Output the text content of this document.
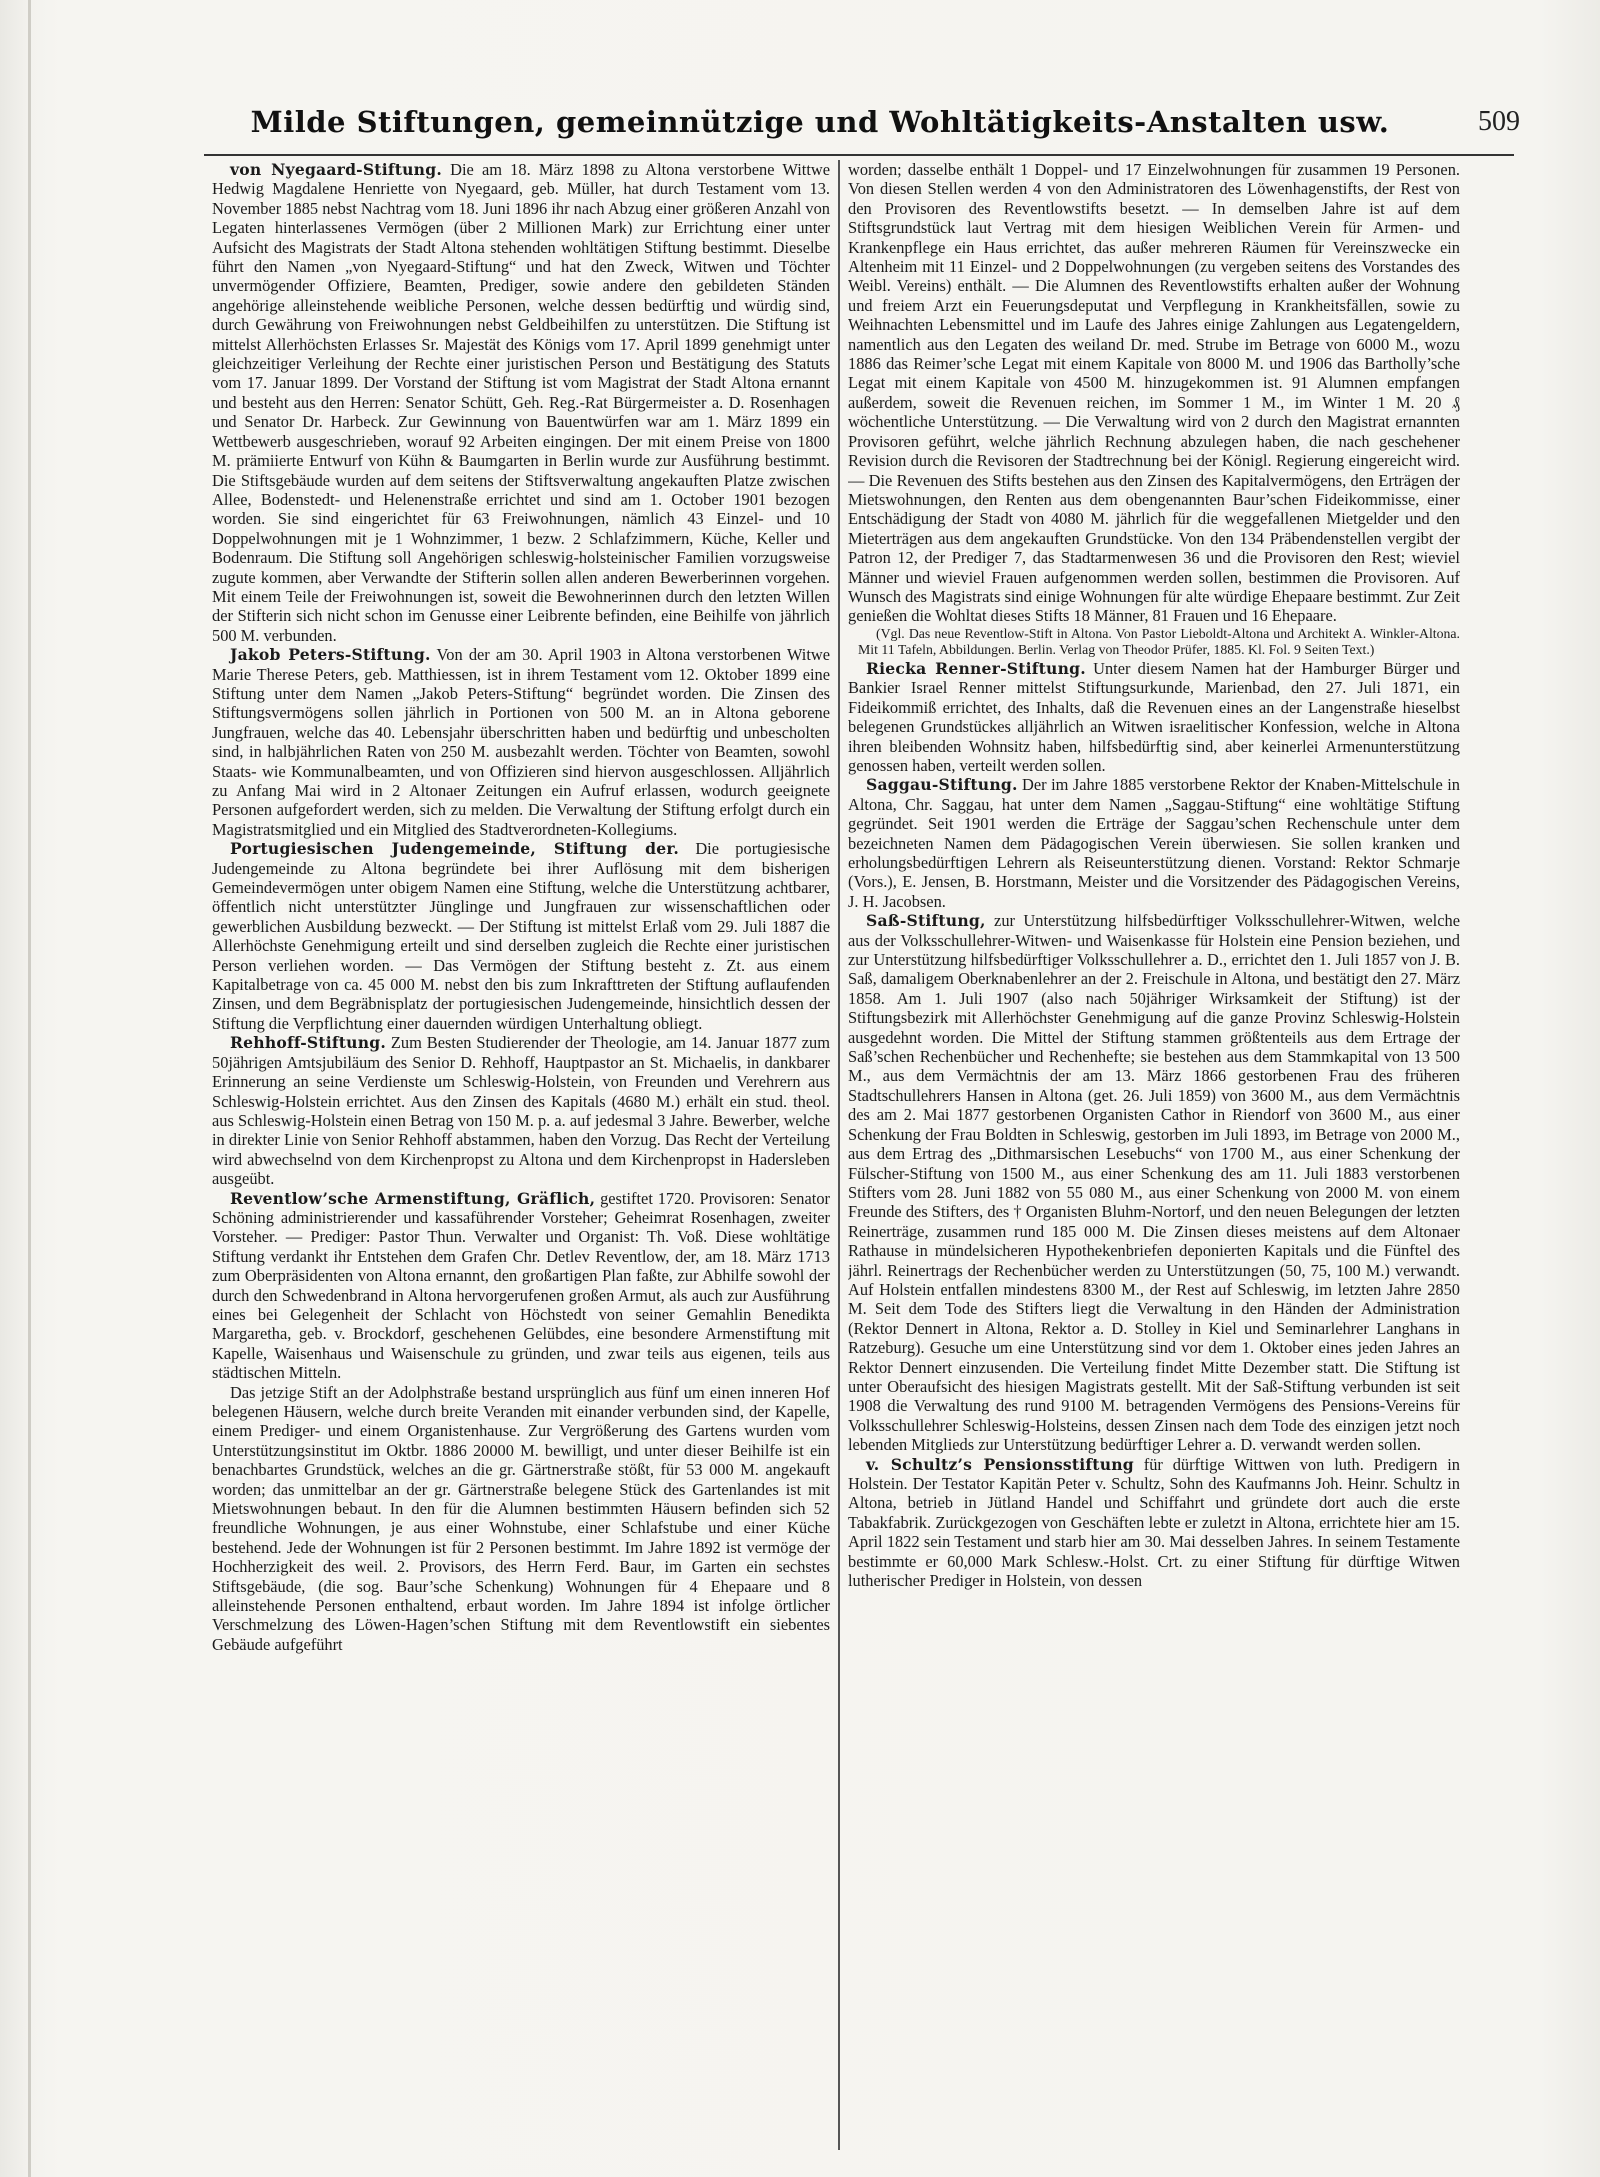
Milde Stiftungen, gemeinnützige und Wohltätigkeits-Anstalten usw.	509

von Nyegaard-Stiftung. Die am 18. März 1898 zu Altona verstorbene Wittwe Hedwig Magdalene Henriette von Nyegaard, geb. Müller, hat durch Testament vom 13. November 1885 nebst Nachtrag vom 18. Juni 1896 ihr nach Abzug einer größeren Anzahl von Legaten hinterlassenes Vermögen (über 2 Millionen Mark) zur Errichtung einer unter Aufsicht des Magistrats der Stadt Altona stehenden wohltätigen Stiftung bestimmt. Dieselbe führt den Namen „von Nyegaard-Stiftung“ und hat den Zweck, Witwen und Töchter unvermögender Offiziere, Beamten, Prediger, sowie andere den gebildeten Ständen angehörige alleinstehende weibliche Personen, welche dessen bedürftig und würdig sind, durch Gewährung von Freiwohnungen nebst Geldbeihilfen zu unterstützen. Die Stiftung ist mittelst Allerhöchsten Erlasses Sr. Majestät des Königs vom 17. April 1899 genehmigt unter gleichzeitiger Verleihung der Rechte einer juristischen Person und Bestätigung des Statuts vom 17. Januar 1899. Der Vorstand der Stiftung ist vom Magistrat der Stadt Altona ernannt und besteht aus den Herren: Senator Schütt, Geh. Reg.-Rat Bürgermeister a. D. Rosenhagen und Senator Dr. Harbeck. Zur Gewinnung von Bauentwürfen war am 1. März 1899 ein Wettbewerb ausgeschrieben, worauf 92 Arbeiten eingingen. Der mit einem Preise von 1800 M. prämiierte Entwurf von Kühn & Baumgarten in Berlin wurde zur Ausführung bestimmt. Die Stiftsgebäude wurden auf dem seitens der Stiftsverwaltung angekauften Platze zwischen Allee, Bodenstedt- und Helenenstraße errichtet und sind am 1. October 1901 bezogen worden. Sie sind eingerichtet für 63 Freiwohnungen, nämlich 43 Einzel- und 10 Doppelwohnungen mit je 1 Wohnzimmer, 1 bezw. 2 Schlafzimmern, Küche, Keller und Bodenraum. Die Stiftung soll Angehörigen schleswig-holsteinischer Familien vorzugsweise zugute kommen, aber Verwandte der Stifterin sollen allen anderen Bewerberinnen vorgehen. Mit einem Teile der Freiwohnungen ist, soweit die Bewohnerinnen durch den letzten Willen der Stifterin sich nicht schon im Genusse einer Leibrente befinden, eine Beihilfe von jährlich 500 M. verbunden.

Jakob Peters-Stiftung. Von der am 30. April 1903 in Altona verstorbenen Witwe Marie Therese Peters, geb. Matthiessen, ist in ihrem Testament vom 12. Oktober 1899 eine Stiftung unter dem Namen „Jakob Peters-Stiftung“ begründet worden. Die Zinsen des Stiftungsvermögens sollen jährlich in Portionen von 500 M. an in Altona geborene Jungfrauen, welche das 40. Lebensjahr überschritten haben und bedürftig und unbescholten sind, in halbjährlichen Raten von 250 M. ausbezahlt werden. Töchter von Beamten, sowohl Staats- wie Kommunalbeamten, und von Offizieren sind hiervon ausgeschlossen. Alljährlich zu Anfang Mai wird in 2 Altonaer Zeitungen ein Aufruf erlassen, wodurch geeignete Personen aufgefordert werden, sich zu melden. Die Verwaltung der Stiftung erfolgt durch ein Magistratsmitglied und ein Mitglied des Stadtverordneten-Kollegiums.

Portugiesischen Judengemeinde, Stiftung der. Die portugiesische Judengemeinde zu Altona begründete bei ihrer Auflösung mit dem bisherigen Gemeindevermögen unter obigem Namen eine Stiftung, welche die Unterstützung achtbarer, öffentlich nicht unterstützter Jünglinge und Jungfrauen zur wissenschaftlichen oder gewerblichen Ausbildung bezweckt. — Der Stiftung ist mittelst Erlaß vom 29. Juli 1887 die Allerhöchste Genehmigung erteilt und sind derselben zugleich die Rechte einer juristischen Person verliehen worden. — Das Vermögen der Stiftung besteht z. Zt. aus einem Kapitalbetrage von ca. 45 000 M. nebst den bis zum Inkrafttreten der Stiftung auflaufenden Zinsen, und dem Begräbnisplatz der portugiesischen Judengemeinde, hinsichtlich dessen der Stiftung die Verpflichtung einer dauernden würdigen Unterhaltung obliegt.

Rehhoff-Stiftung. Zum Besten Studierender der Theologie, am 14. Januar 1877 zum 50jährigen Amtsjubiläum des Senior D. Rehhoff, Hauptpastor an St. Michaelis, in dankbarer Erinnerung an seine Verdienste um Schleswig-Holstein, von Freunden und Verehrern aus Schleswig-Holstein errichtet. Aus den Zinsen des Kapitals (4680 M.) erhält ein stud. theol. aus Schleswig-Holstein einen Betrag von 150 M. p. a. auf jedesmal 3 Jahre. Bewerber, welche in direkter Linie von Senior Rehhoff abstammen, haben den Vorzug. Das Recht der Verteilung wird abwechselnd von dem Kirchenpropst zu Altona und dem Kirchenpropst in Hadersleben ausgeübt.

Reventlow’sche Armenstiftung, Gräflich, gestiftet 1720. Provisoren: Senator Schöning administrierender und kassaführender Vorsteher; Geheimrat Rosenhagen, zweiter Vorsteher. — Prediger: Pastor Thun. Verwalter und Organist: Th. Voß. Diese wohltätige Stiftung verdankt ihr Entstehen dem Grafen Chr. Detlev Reventlow, der, am 18. März 1713 zum Oberpräsidenten von Altona ernannt, den großartigen Plan faßte, zur Abhilfe sowohl der durch den Schwedenbrand in Altona hervorgerufenen großen Armut, als auch zur Ausführung eines bei Gelegenheit der Schlacht von Höchstedt von seiner Gemahlin Benedikta Margaretha, geb. v. Brockdorf, geschehenen Gelübdes, eine besondere Armenstiftung mit Kapelle, Waisenhaus und Waisenschule zu gründen, und zwar teils aus eigenen, teils aus städtischen Mitteln.

Das jetzige Stift an der Adolphstraße bestand ursprünglich aus fünf um einen inneren Hof belegenen Häusern, welche durch breite Veranden mit einander verbunden sind, der Kapelle, einem Prediger- und einem Organistenhause. Zur Vergrößerung des Gartens wurden vom Unterstützungsinstitut im Oktbr. 1886 20000 M. bewilligt, und unter dieser Beihilfe ist ein benachbartes Grundstück, welches an die gr. Gärtnerstraße stößt, für 53 000 M. angekauft worden; das unmittelbar an der gr. Gärtnerstraße belegene Stück des Gartenlandes ist mit Mietswohnungen bebaut. In den für die Alumnen bestimmten Häusern befinden sich 52 freundliche Wohnungen, je aus einer Wohnstube, einer Schlafstube und einer Küche bestehend. Jede der Wohnungen ist für 2 Personen bestimmt. Im Jahre 1892 ist vermöge der Hochherzigkeit des weil. 2. Provisors, des Herrn Ferd. Baur, im Garten ein sechstes Stiftsgebäude, (die sog. Baur’sche Schenkung) Wohnungen für 4 Ehepaare und 8 alleinstehende Personen enthaltend, erbaut worden. Im Jahre 1894 ist infolge örtlicher Verschmelzung des Löwen-Hagen’schen Stiftung mit dem Reventlowstift ein siebentes Gebäude aufgeführt

worden; dasselbe enthält 1 Doppel- und 17 Einzelwohnungen für zusammen 19 Personen. Von diesen Stellen werden 4 von den Administratoren des Löwenhagenstifts, der Rest von den Provisoren des Reventlowstifts besetzt. — In demselben Jahre ist auf dem Stiftsgrundstück laut Vertrag mit dem hiesigen Weiblichen Verein für Armen- und Krankenpflege ein Haus errichtet, das außer mehreren Räumen für Vereinszwecke ein Altenheim mit 11 Einzel- und 2 Doppelwohnungen (zu vergeben seitens des Vorstandes des Weibl. Vereins) enthält. — Die Alumnen des Reventlowstifts erhalten außer der Wohnung und freiem Arzt ein Feuerungsdeputat und Verpflegung in Krankheitsfällen, sowie zu Weihnachten Lebensmittel und im Laufe des Jahres einige Zahlungen aus Legatengeldern, namentlich aus den Legaten des weiland Dr. med. Strube im Betrage von 6000 M., wozu 1886 das Reimer’sche Legat mit einem Kapitale von 8000 M. und 1906 das Bartholly’sche Legat mit einem Kapitale von 4500 M. hinzugekommen ist. 91 Alumnen empfangen außerdem, soweit die Revenuen reichen, im Sommer 1 M., im Winter 1 M. 20 ₰ wöchentliche Unterstützung. — Die Verwaltung wird von 2 durch den Magistrat ernannten Provisoren geführt, welche jährlich Rechnung abzulegen haben, die nach geschehener Revision durch die Revisoren der Stadtrechnung bei der Königl. Regierung eingereicht wird. — Die Revenuen des Stifts bestehen aus den Zinsen des Kapitalvermögens, den Erträgen der Mietswohnungen, den Renten aus dem obengenannten Baur’schen Fideikommisse, einer Entschädigung der Stadt von 4080 M. jährlich für die weggefallenen Mietgelder und den Mieterträgen aus dem angekauften Grundstücke. Von den 134 Präbendenstellen vergibt der Patron 12, der Prediger 7, das Stadtarmenwesen 36 und die Provisoren den Rest; wieviel Männer und wieviel Frauen aufgenommen werden sollen, bestimmen die Provisoren. Auf Wunsch des Magistrats sind einige Wohnungen für alte würdige Ehepaare bestimmt. Zur Zeit genießen die Wohltat dieses Stifts 18 Männer, 81 Frauen und 16 Ehepaare.

(Vgl. Das neue Reventlow-Stift in Altona. Von Pastor Lieboldt-Altona und Architekt A. Winkler-Altona. Mit 11 Tafeln, Abbildungen. Berlin. Verlag von Theodor Prüfer, 1885. Kl. Fol. 9 Seiten Text.)

Riecka Renner-Stiftung. Unter diesem Namen hat der Hamburger Bürger und Bankier Israel Renner mittelst Stiftungsurkunde, Marienbad, den 27. Juli 1871, ein Fideikommiß errichtet, des Inhalts, daß die Revenuen eines an der Langenstraße hieselbst belegenen Grundstückes alljährlich an Witwen israelitischer Konfession, welche in Altona ihren bleibenden Wohnsitz haben, hilfsbedürftig sind, aber keinerlei Armenunterstützung genossen haben, verteilt werden sollen.

Saggau-Stiftung. Der im Jahre 1885 verstorbene Rektor der Knaben-Mittelschule in Altona, Chr. Saggau, hat unter dem Namen „Saggau-Stiftung“ eine wohltätige Stiftung gegründet. Seit 1901 werden die Erträge der Saggau’schen Rechenschule unter dem bezeichneten Namen dem Pädagogischen Verein überwiesen. Sie sollen kranken und erholungsbedürftigen Lehrern als Reiseunterstützung dienen. Vorstand: Rektor Schmarje (Vors.), E. Jensen, B. Horstmann, Meister und die Vorsitzender des Pädagogischen Vereins, J. H. Jacobsen.

Saß-Stiftung, zur Unterstützung hilfsbedürftiger Volksschullehrer-Witwen, welche aus der Volksschullehrer-Witwen- und Waisenkasse für Holstein eine Pension beziehen, und zur Unterstützung hilfsbedürftiger Volksschullehrer a. D., errichtet den 1. Juli 1857 von J. B. Saß, damaligem Oberknabenlehrer an der 2. Freischule in Altona, und bestätigt den 27. März 1858. Am 1. Juli 1907 (also nach 50jähriger Wirksamkeit der Stiftung) ist der Stiftungsbezirk mit Allerhöchster Genehmigung auf die ganze Provinz Schleswig-Holstein ausgedehnt worden. Die Mittel der Stiftung stammen größtenteils aus dem Ertrage der Saß’schen Rechenbücher und Rechenhefte; sie bestehen aus dem Stammkapital von 13 500 M., aus dem Vermächtnis der am 13. März 1866 gestorbenen Frau des früheren Stadtschullehrers Hansen in Altona (get. 26. Juli 1859) von 3600 M., aus dem Vermächtnis des am 2. Mai 1877 gestorbenen Organisten Cathor in Riendorf von 3600 M., aus einer Schenkung der Frau Boldten in Schleswig, gestorben im Juli 1893, im Betrage von 2000 M., aus dem Ertrag des „Dithmarsischen Lesebuchs“ von 1700 M., aus einer Schenkung der Fülscher-Stiftung von 1500 M., aus einer Schenkung des am 11. Juli 1883 verstorbenen Stifters vom 28. Juni 1882 von 55 080 M., aus einer Schenkung von 2000 M. von einem Freunde des Stifters, des † Organisten Bluhm-Nortorf, und den neuen Belegungen der letzten Reinerträge, zusammen rund 185 000 M. Die Zinsen dieses meistens auf dem Altonaer Rathause in mündelsicheren Hypothekenbriefen deponierten Kapitals und die Fünftel des jährl. Reinertrags der Rechenbücher werden zu Unterstützungen (50, 75, 100 M.) verwandt. Auf Holstein entfallen mindestens 8300 M., der Rest auf Schleswig, im letzten Jahre 2850 M. Seit dem Tode des Stifters liegt die Verwaltung in den Händen der Administration (Rektor Dennert in Altona, Rektor a. D. Stolley in Kiel und Seminarlehrer Langhans in Ratzeburg). Gesuche um eine Unterstützung sind vor dem 1. Oktober eines jeden Jahres an Rektor Dennert einzusenden. Die Verteilung findet Mitte Dezember statt. Die Stiftung ist unter Oberaufsicht des hiesigen Magistrats gestellt. Mit der Saß-Stiftung verbunden ist seit 1908 die Verwaltung des rund 9100 M. betragenden Vermögens des Pensions-Vereins für Volksschullehrer Schleswig-Holsteins, dessen Zinsen nach dem Tode des einzigen jetzt noch lebenden Mitglieds zur Unterstützung bedürftiger Lehrer a. D. verwandt werden sollen.

v. Schultz’s Pensionsstiftung für dürftige Wittwen von luth. Predigern in Holstein. Der Testator Kapitän Peter v. Schultz, Sohn des Kaufmanns Joh. Heinr. Schultz in Altona, betrieb in Jütland Handel und Schiffahrt und gründete dort auch die erste Tabakfabrik. Zurückgezogen von Geschäften lebte er zuletzt in Altona, errichtete hier am 15. April 1822 sein Testament und starb hier am 30. Mai desselben Jahres. In seinem Testamente bestimmte er 60,000 Mark Schlesw.-Holst. Crt. zu einer Stiftung für dürftige Witwen lutherischer Prediger in Holstein, von dessen
